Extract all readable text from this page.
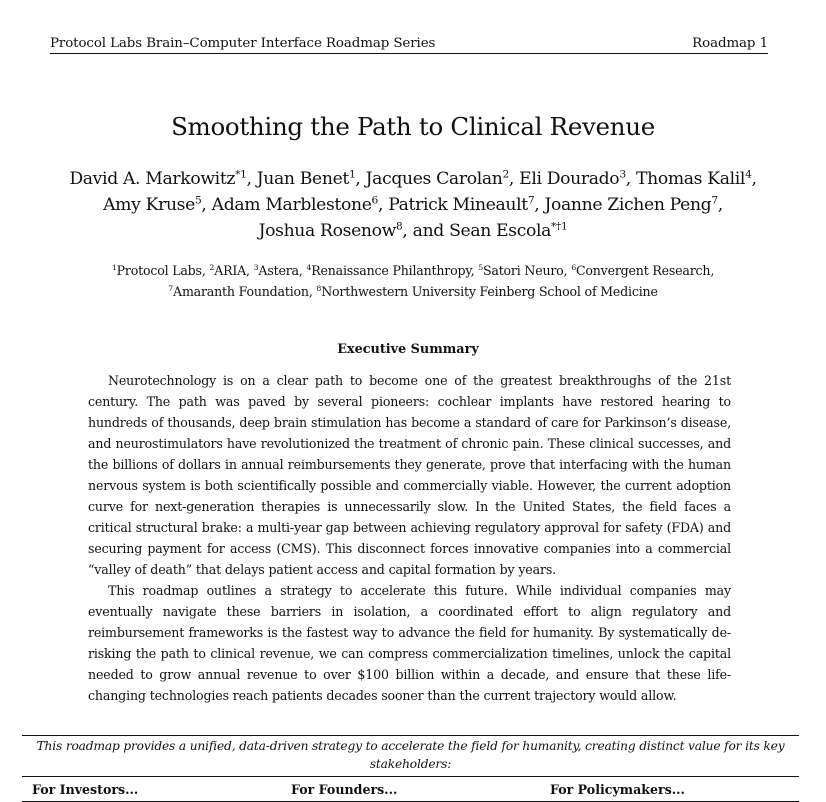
Protocol Labs Brain–Computer Interface Roadmap Series	Roadmap 1
Smoothing the Path to Clinical Revenue
David A. Markowitz$^{*1}$, Juan Benet$^1$, Jacques Carolan$^2$, Eli Dourado$^3$, Thomas Kalil$^4$, Amy Kruse$^5$, Adam Marblestone$^6$, Patrick Mineault$^7$, Joanne Zichen Peng$^7$, Joshua Rosenow$^8$, and Sean Escola$^{*\dagger 1}$
$^1$Protocol Labs, $^2$ARIA, $^3$Astera, $^4$Renaissance Philanthropy, $^5$Satori Neuro, $^6$Convergent Research, $^7$Amaranth Foundation, $^8$Northwestern University Feinberg School of Medicine
Executive Summary

Neurotechnology is on a clear path to become one of the greatest breakthroughs of the 21st century. The path was paved by several pioneers: cochlear implants have restored hearing to hundreds of thousands, deep brain stimulation has become a standard of care for Parkinson’s disease, and neurostimulators have revolutionized the treatment of chronic pain. These clinical successes, and the billions of dollars in annual reimbursements they generate, prove that interfacing with the human nervous system is both scientifically possible and commercially viable. However, the current adoption curve for next-generation therapies is unnecessarily slow. In the United States, the field faces a critical structural brake: a multi-year gap between achieving regulatory approval for safety (FDA) and securing payment for access (CMS). This disconnect forces innovative companies into a commercial “valley of death” that delays patient access and capital formation by years.

This roadmap outlines a strategy to accelerate this future. While individual companies may eventually navigate these barriers in isolation, a coordinated effort to align regulatory and reimbursement frameworks is the fastest way to advance the field for humanity. By systematically de-risking the path to clinical revenue, we can compress commercialization timelines, unlock the capital needed to grow annual revenue to over $100 billion within a decade, and ensure that these life-changing technologies reach patients decades sooner than the current trajectory would allow.

This roadmap provides a unified, data-driven strategy to accelerate the field for humanity, creating distinct value for its key stakeholders:
For Investors...	For Founders...	For Policymakers...
